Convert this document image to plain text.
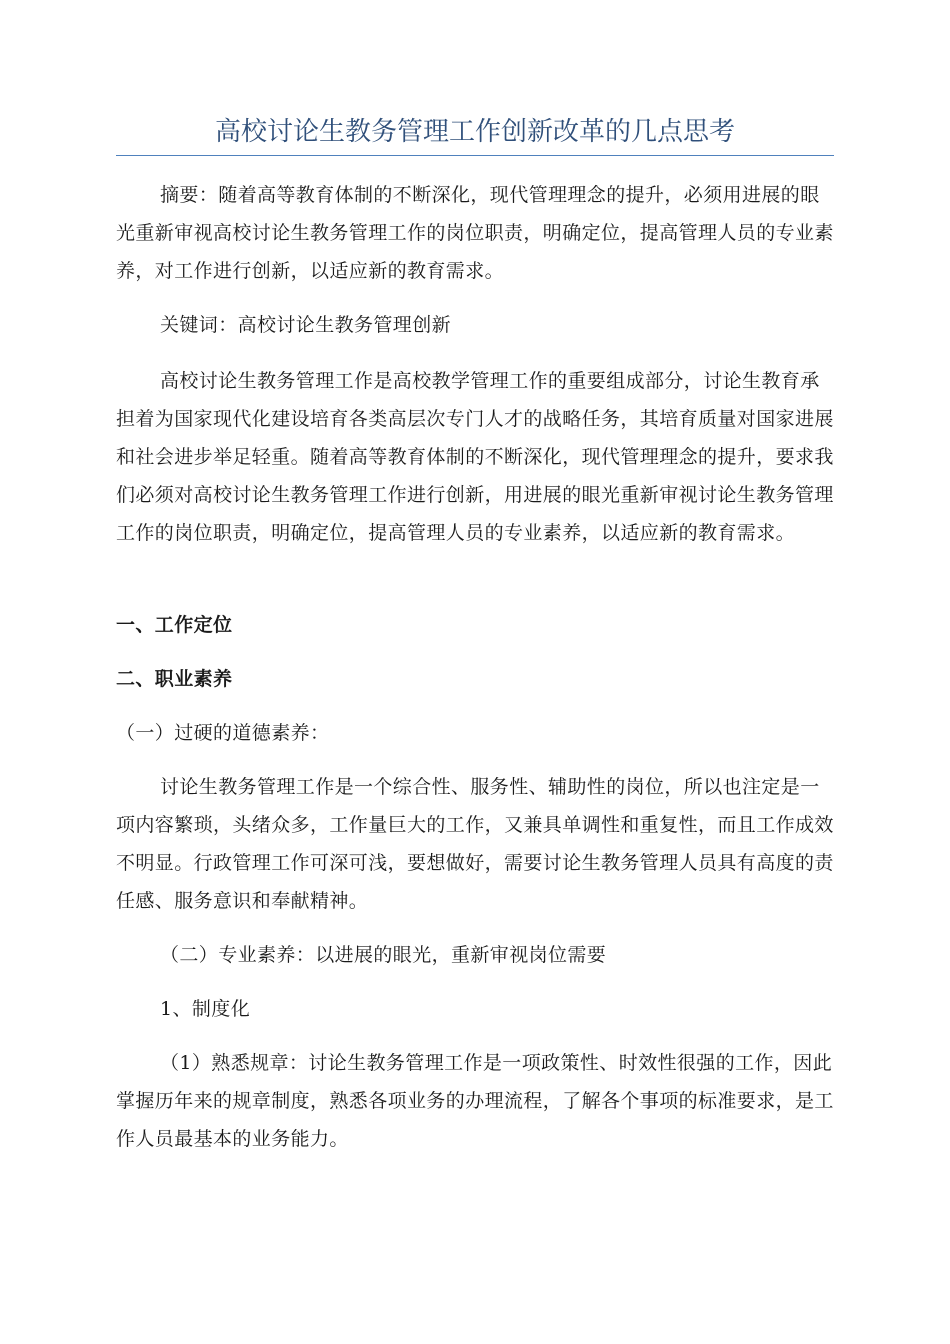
高校讨论生教务管理工作创新改革的几点思考

摘要：随着高等教育体制的不断深化，现代管理理念的提升，必须用进展的眼光重新审视高校讨论生教务管理工作的岗位职责，明确定位，提高管理人员的专业素养，对工作进行创新，以适应新的教育需求。

关键词：高校讨论生教务管理创新

高校讨论生教务管理工作是高校教学管理工作的重要组成部分，讨论生教育承担着为国家现代化建设培育各类高层次专门人才的战略任务，其培育质量对国家进展和社会进步举足轻重。随着高等教育体制的不断深化，现代管理理念的提升，要求我们必须对高校讨论生教务管理工作进行创新，用进展的眼光重新审视讨论生教务管理工作的岗位职责，明确定位，提高管理人员的专业素养，以适应新的教育需求。

一、工作定位

二、职业素养

（一）过硬的道德素养：

讨论生教务管理工作是一个综合性、服务性、辅助性的岗位，所以也注定是一项内容繁琐，头绪众多，工作量巨大的工作，又兼具单调性和重复性，而且工作成效不明显。行政管理工作可深可浅，要想做好，需要讨论生教务管理人员具有高度的责任感、服务意识和奉献精神。

（二）专业素养：以进展的眼光，重新审视岗位需要

1、制度化

（1）熟悉规章：讨论生教务管理工作是一项政策性、时效性很强的工作，因此掌握历年来的规章制度，熟悉各项业务的办理流程，了解各个事项的标准要求，是工作人员最基本的业务能力。
